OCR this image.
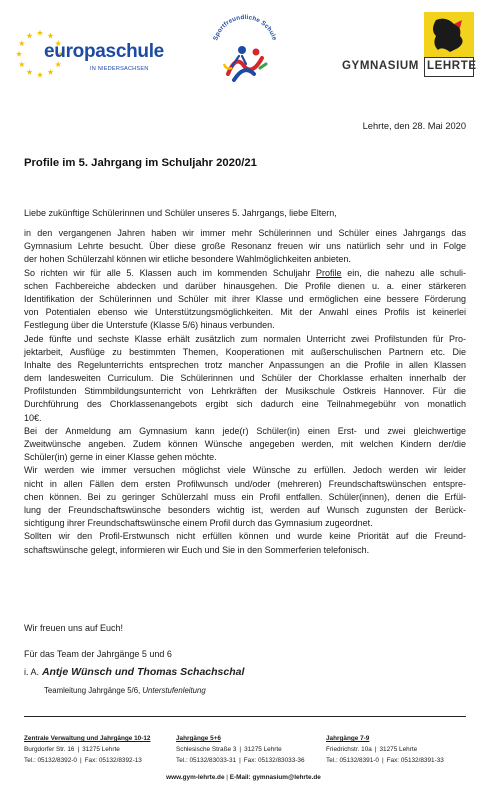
europaschule
IN NIEDERSACHSEN
Sportfreundliche Schule
GYMNASIUM LEHRTE
Lehrte, den 28. Mai 2020
Profile im 5. Jahrgang im Schuljahr 2020/21
Liebe zukünftige Schülerinnen und Schüler unseres 5. Jahrgangs, liebe Eltern,
in den vergangenen Jahren haben wir immer mehr Schülerinnen und Schüler eines Jahrgangs das
Gymnasium Lehrte besucht. Über diese große Resonanz freuen wir uns natürlich sehr und in Folge
der hohen Schülerzahl können wir etliche besondere Wahlmöglichkeiten anbieten.
So richten wir für alle 5. Klassen auch im kommenden Schuljahr Profile ein, die nahezu alle schuli-
schen Fachbereiche abdecken und darüber hinausgehen. Die Profile dienen u. a. einer stärkeren
Identifikation der Schülerinnen und Schüler mit ihrer Klasse und ermöglichen eine bessere Förderung
von Potentialen ebenso wie Unterstützungsmöglichkeiten. Mit der Anwahl eines Profils ist keinerlei
Festlegung über die Unterstufe (Klasse 5/6) hinaus verbunden.
Jede fünfte und sechste Klasse erhält zusätzlich zum normalen Unterricht zwei Profilstunden für Pro-
jektarbeit, Ausflüge zu bestimmten Themen, Kooperationen mit außerschulischen Partnern etc. Die
Inhalte des Regelunterrichts entsprechen trotz mancher Anpassungen an die Profile in allen Klassen
dem landesweiten Curriculum. Die Schülerinnen und Schüler der Chorklasse erhalten innerhalb der
Profilstunden Stimmbildungsunterricht von Lehrkräften der Musikschule Ostkreis Hannover. Für die
Durchführung des Chorklassenangebots ergibt sich dadurch eine Teilnahmegebühr von monatlich
10€.
Bei der Anmeldung am Gymnasium kann jede(r) Schüler(in) einen Erst- und zwei gleichwertige
Zweitwünsche angeben. Zudem können Wünsche angegeben werden, mit welchen Kindern der/die
Schüler(in) gerne in einer Klasse gehen möchte.
Wir werden wie immer versuchen möglichst viele Wünsche zu erfüllen. Jedoch werden wir leider
nicht in allen Fällen dem ersten Profilwunsch und/oder (mehreren) Freundschaftswünschen entspre-
chen können. Bei zu geringer Schülerzahl muss ein Profil entfallen. Schüler(innen), denen die Erfül-
lung der Freundschaftswünsche besonders wichtig ist, werden auf Wunsch zugunsten der Berück-
sichtigung ihrer Freundschaftswünsche einem Profil durch das Gymnasium zugeordnet.
Sollten wir den Profil-Erstwunsch nicht erfüllen können und wurde keine Priorität auf die Freund-
schaftswünsche gelegt, informieren wir Euch und Sie in den Sommerferien telefonisch.
Wir freuen uns auf Euch!
Für das Team der Jahrgänge 5 und 6
i. A. Antje Wünsch und Thomas Schachschal
Teamleitung Jahrgänge 5/6, Unterstufenleitung
Zentrale Verwaltung und Jahrgänge 10-12
Burgdorfer Str. 16 | 31275 Lehrte
Tel.: 05132/8392-0 | Fax: 05132/8392-13
Jahrgänge 5+6
Schlesische Straße 3 | 31275 Lehrte
Tel.: 05132/83033-31 | Fax: 05132/83033-36
Jahrgänge 7-9
Friedrichstr. 10a | 31275 Lehrte
Tel.: 05132/8391-0 | Fax: 05132/8391-33
www.gym-lehrte.de | E-Mail: gymnasium@lehrte.de
